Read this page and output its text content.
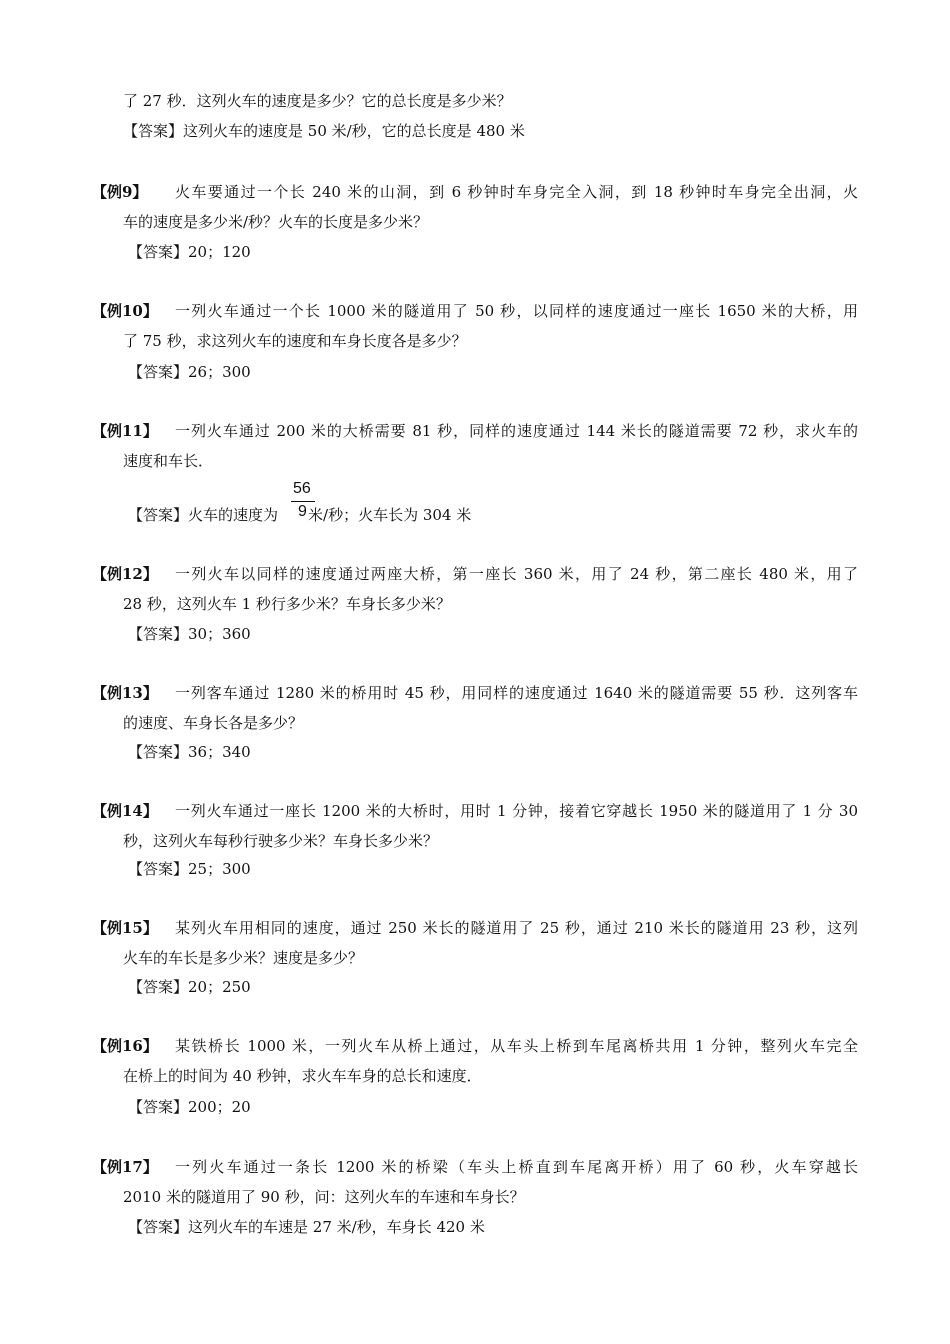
了 27 秒．这列火车的速度是多少？它的总长度是多少米？
【答案】这列火车的速度是 50 米/秒，它的总长度是 480 米
【例9】 火车要通过一个长 240 米的山洞，到 6 秒钟时车身完全入洞，到 18 秒钟时车身完全出洞，火
车的速度是多少米/秒？火车的长度是多少米？
【答案】20；120
【例10】 一列火车通过一个长 1000 米的隧道用了 50 秒，以同样的速度通过一座长 1650 米的大桥，用
了 75 秒，求这列火车的速度和车身长度各是多少？
【答案】26；300
【例11】 一列火车通过 200 米的大桥需要 81 秒，同样的速度通过 144 米长的隧道需要 72 秒，求火车的
速度和车长．
【答案】火车的速度为 米/秒；火车长为 304 米
56
9
【例12】 一列火车以同样的速度通过两座大桥，第一座长 360 米，用了 24 秒，第二座长 480 米，用了
28 秒，这列火车 1 秒行多少米？车身长多少米？
【答案】30；360
【例13】 一列客车通过 1280 米的桥用时 45 秒，用同样的速度通过 1640 米的隧道需要 55 秒．这列客车
的速度、车身长各是多少？
【答案】36；340
【例14】 一列火车通过一座长 1200 米的大桥时，用时 1 分钟，接着它穿越长 1950 米的隧道用了 1 分 30
秒，这列火车每秒行驶多少米？车身长多少米？
【答案】25；300
【例15】 某列火车用相同的速度，通过 250 米长的隧道用了 25 秒，通过 210 米长的隧道用 23 秒，这列
火车的车长是多少米？速度是多少？
【答案】20；250
【例16】 某铁桥长 1000 米，一列火车从桥上通过，从车头上桥到车尾离桥共用 1 分钟，整列火车完全
在桥上的时间为 40 秒钟，求火车车身的总长和速度．
【答案】200；20
【例17】 一列火车通过一条长 1200 米的桥梁（车头上桥直到车尾离开桥）用了 60 秒，火车穿越长
2010 米的隧道用了 90 秒，问：这列火车的车速和车身长？
【答案】这列火车的车速是 27 米/秒，车身长 420 米
